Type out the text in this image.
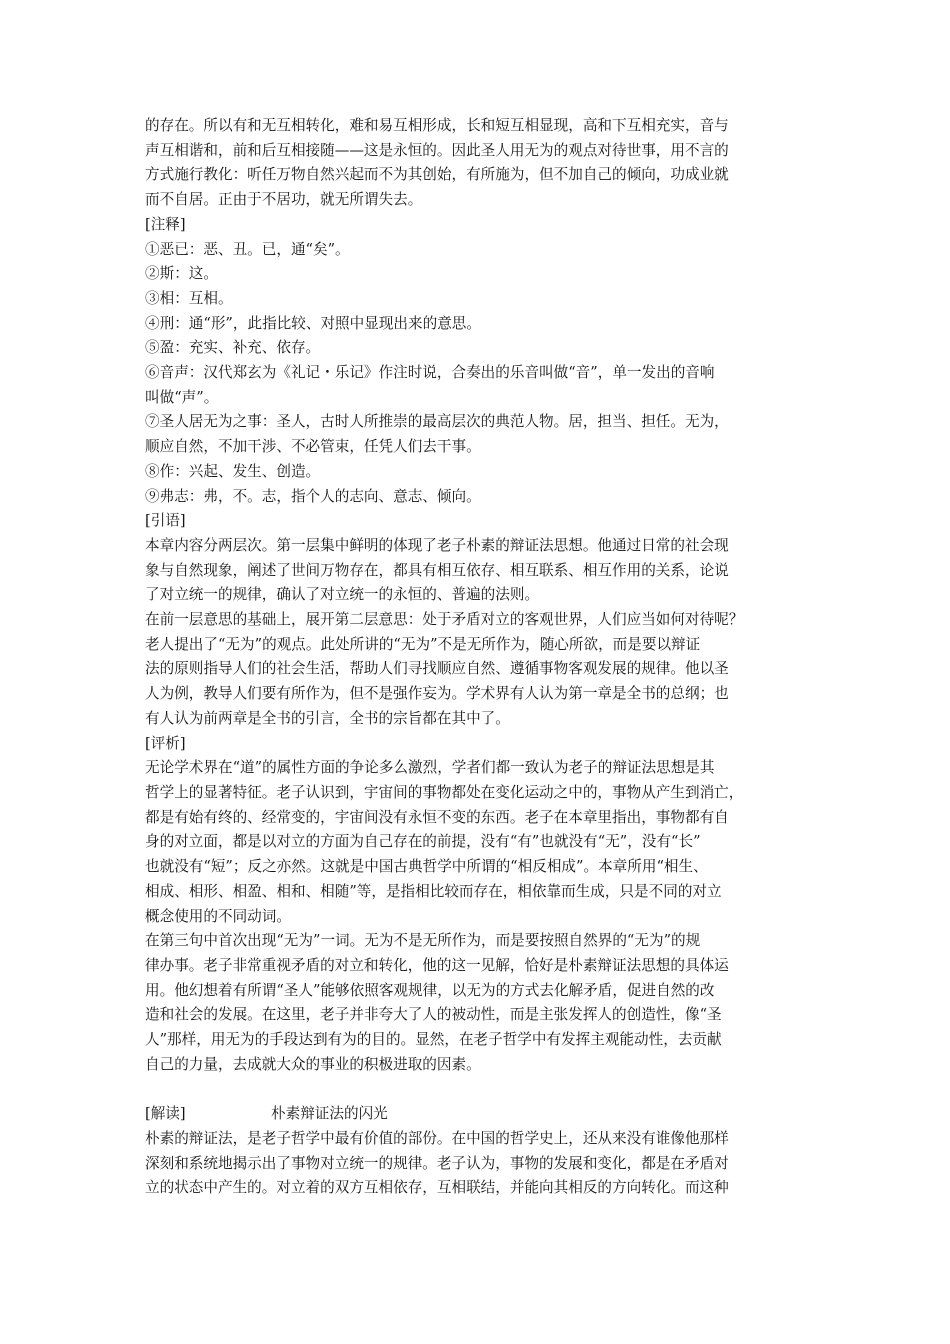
的存在。所以有和无互相转化，难和易互相形成，长和短互相显现，高和下互相充实，音与

声互相谐和，前和后互相接随——这是永恒的。因此圣人用无为的观点对待世事，用不言的

方式施行教化：听任万物自然兴起而不为其创始，有所施为，但不加自己的倾向，功成业就

而不自居。正由于不居功，就无所谓失去。

[注释]

①恶已：恶、丑。已，通“矣”。

②斯：这。

③相：互相。

④刑：通“形”，此指比较、对照中显现出来的意思。

⑤盈：充实、补充、依存。

⑥音声：汉代郑玄为《礼记・乐记》作注时说，合奏出的乐音叫做“音”，单一发出的音响

叫做“声”。

⑦圣人居无为之事：圣人，古时人所推崇的最高层次的典范人物。居，担当、担任。无为，

顺应自然，不加干涉、不必管束，任凭人们去干事。

⑧作：兴起、发生、创造。

⑨弗志：弗，不。志，指个人的志向、意志、倾向。

[引语]

本章内容分两层次。第一层集中鲜明的体现了老子朴素的辩证法思想。他通过日常的社会现

象与自然现象，阐述了世间万物存在，都具有相互依存、相互联系、相互作用的关系，论说

了对立统一的规律，确认了对立统一的永恒的、普遍的法则。

在前一层意思的基础上，展开第二层意思：处于矛盾对立的客观世界，人们应当如何对待呢？

老人提出了“无为”的观点。此处所讲的“无为”不是无所作为，随心所欲，而是要以辩证

法的原则指导人们的社会生活，帮助人们寻找顺应自然、遵循事物客观发展的规律。他以圣

人为例，教导人们要有所作为，但不是强作妄为。学术界有人认为第一章是全书的总纲；也

有人认为前两章是全书的引言，全书的宗旨都在其中了。

[评析]

无论学术界在“道”的属性方面的争论多么激烈，学者们都一致认为老子的辩证法思想是其

哲学上的显著特征。老子认识到，宇宙间的事物都处在变化运动之中的，事物从产生到消亡，

都是有始有终的、经常变的，宇宙间没有永恒不变的东西。老子在本章里指出，事物都有自

身的对立面，都是以对立的方面为自己存在的前提，没有“有”也就没有“无”，没有“长”

也就没有“短”；反之亦然。这就是中国古典哲学中所谓的“相反相成”。本章所用“相生、

相成、相形、相盈、相和、相随”等，是指相比较而存在，相依靠而生成，只是不同的对立

概念使用的不同动词。

在第三句中首次出现“无为”一词。无为不是无所作为，而是要按照自然界的“无为”的规

律办事。老子非常重视矛盾的对立和转化，他的这一见解，恰好是朴素辩证法思想的具体运

用。他幻想着有所谓“圣人”能够依照客观规律，以无为的方式去化解矛盾，促进自然的改

造和社会的发展。在这里，老子并非夸大了人的被动性，而是主张发挥人的创造性，像“圣

人”那样，用无为的手段达到有为的目的。显然，在老子哲学中有发挥主观能动性，去贡献

自己的力量，去成就大众的事业的积极进取的因素。

[解读]	朴素辩证法的闪光

朴素的辩证法，是老子哲学中最有价值的部份。在中国的哲学史上，还从来没有谁像他那样

深刻和系统地揭示出了事物对立统一的规律。老子认为，事物的发展和变化，都是在矛盾对

立的状态中产生的。对立着的双方互相依存，互相联结，并能向其相反的方向转化。而这种
